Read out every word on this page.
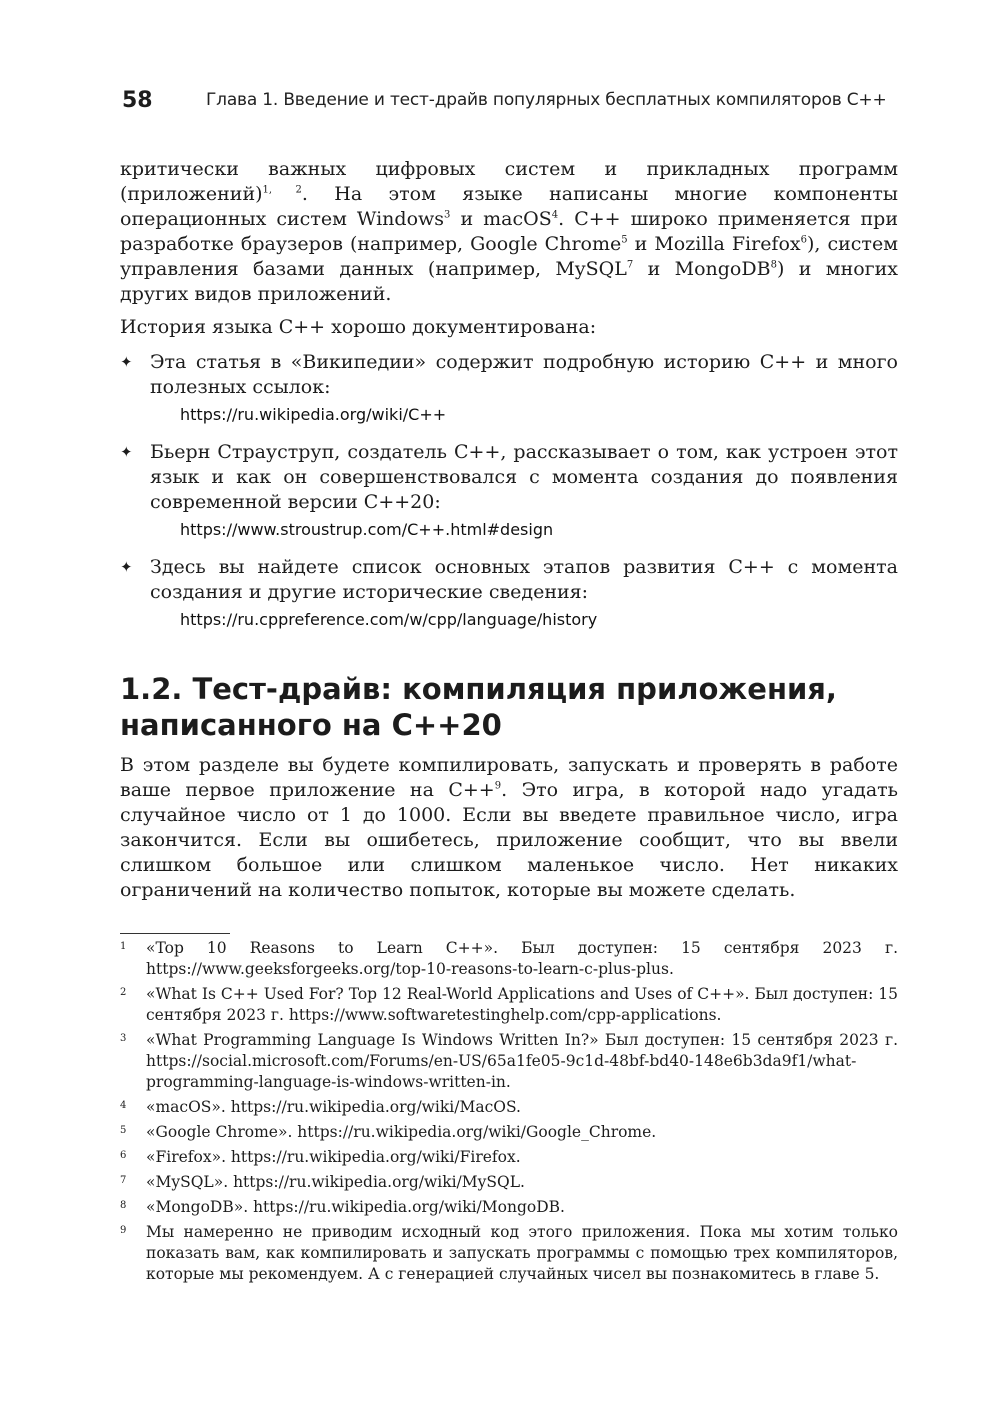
58	Глава 1. Введение и тест-драйв популярных бесплатных компиляторов C++

критически важных цифровых систем и прикладных программ (приложений)$^{1, 2}$. На этом языке написаны многие компоненты операционных систем Windows$^3$ и macOS$^4$. C++ широко применяется при разработке браузеров (например, Google Chrome$^5$ и Mozilla Firefox$^6$), систем управления базами данных (например, MySQL$^7$ и MongoDB$^8$) и многих других видов приложений.

История языка C++ хорошо документирована:

✦ Эта статья в «Википедии» содержит подробную историю C++ и много полезных ссылок:
https://ru.wikipedia.org/wiki/C++
✦ Бьерн Страуструп, создатель C++, рассказывает о том, как устроен этот язык и как он совершенствовался с момента создания до появления современной версии C++20:
https://www.stroustrup.com/C++.html#design
✦ Здесь вы найдете список основных этапов развития C++ с момента создания и другие исторические сведения:
https://ru.cppreference.com/w/cpp/language/history
1.2. Тест-драйв: компиляция приложения, написанного на C++20

В этом разделе вы будете компилировать, запускать и проверять в работе ваше первое приложение на C++$^9$. Это игра, в которой надо угадать случайное число от 1 до 1000. Если вы введете правильное число, игра закончится. Если вы ошибетесь, приложение сообщит, что вы ввели слишком большое или слишком маленькое число. Нет никаких ограничений на количество попыток, которые вы можете сделать.

1	«Top 10 Reasons to Learn C++». Был доступен: 15 сентября 2023 г. https://www.geeksforgeeks.org/top-10-reasons-to-learn-c-plus-plus.
2	«What Is C++ Used For? Top 12 Real-World Applications and Uses of C++». Был доступен: 15 сентября 2023 г. https://www.softwaretestinghelp.com/cpp-applications.
3	«What Programming Language Is Windows Written In?» Был доступен: 15 сентября 2023 г. https://social.microsoft.com/Forums/en-US/65a1fe05-9c1d-48bf-bd40-148e6b3da9f1/what-programming-language-is-windows-written-in.
4	«macOS». https://ru.wikipedia.org/wiki/MacOS.
5	«Google Chrome». https://ru.wikipedia.org/wiki/Google_Chrome.
6	«Firefox». https://ru.wikipedia.org/wiki/Firefox.
7	«MySQL». https://ru.wikipedia.org/wiki/MySQL.
8	«MongoDB». https://ru.wikipedia.org/wiki/MongoDB.
9	Мы намеренно не приводим исходный код этого приложения. Пока мы хотим только показать вам, как компилировать и запускать программы с помощью трех компиляторов, которые мы рекомендуем. А с генерацией случайных чисел вы познакомитесь в главе 5.
